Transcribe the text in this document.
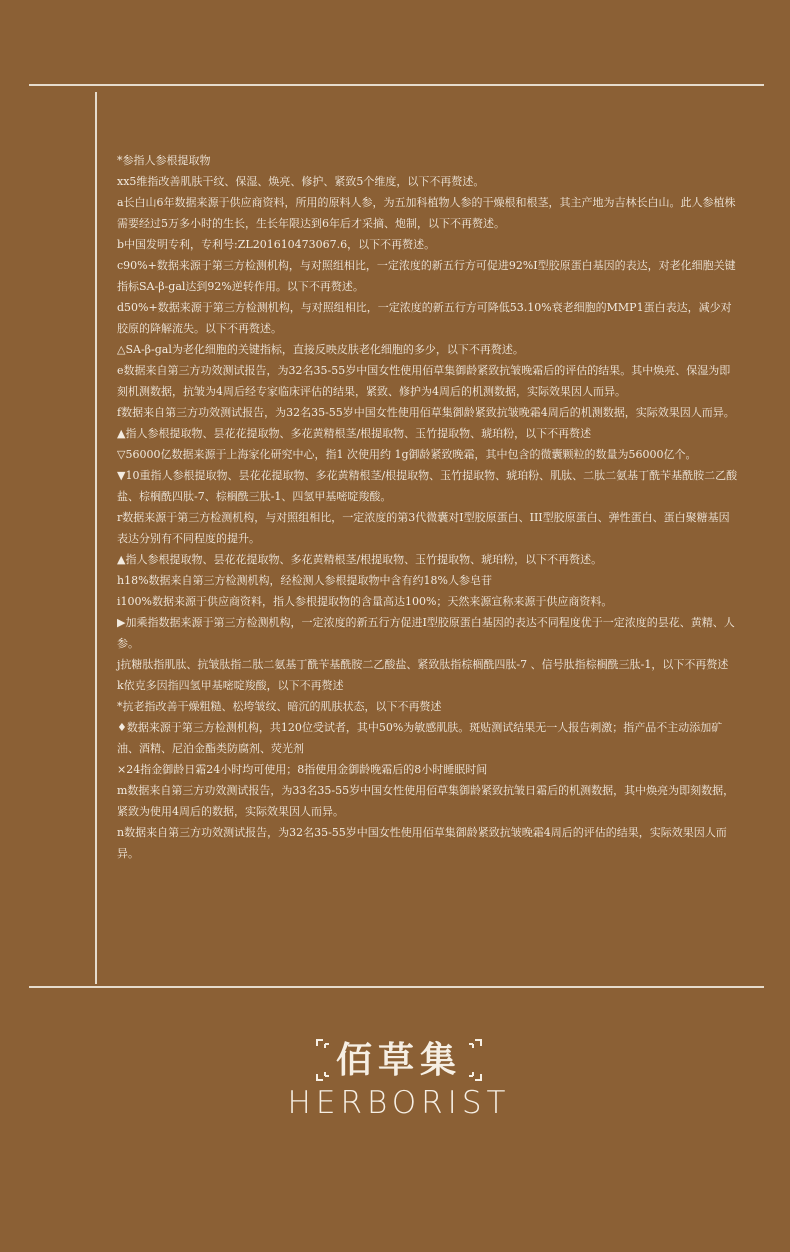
*参指人参根提取物

xx5维指改善肌肤干纹、保湿、焕亮、修护、紧致5个维度，以下不再赘述。

a长白山6年数据来源于供应商资料，所用的原料人参，为五加科植物人参的干燥根和根茎，其主产地为吉林长白山。此人参植株需要经过5万多小时的生长，生长年限达到6年后才采摘、炮制，以下不再赘述。

b中国发明专利，专利号:ZL201610473067.6，以下不再赘述。

c90%+数据来源于第三方检测机构，与对照组相比，一定浓度的新五行方可促进92%I型胶原蛋白基因的表达，对老化细胞关键指标SA-β-gal达到92%逆转作用。以下不再赘述。

d50%+数据来源于第三方检测机构，与对照组相比，一定浓度的新五行方可降低53.10%衰老细胞的MMP1蛋白表达，减少对胶原的降解流失。以下不再赘述。

△SA-β-gal为老化细胞的关键指标，直接反映皮肤老化细胞的多少，以下不再赘述。

e数据来自第三方功效测试报告，为32名35-55岁中国女性使用佰草集御龄紧致抗皱晚霜后的评估的结果。其中焕亮、保湿为即刻机测数据，抗皱为4周后经专家临床评估的结果，紧致、修护为4周后的机测数据，实际效果因人而异。

f数据来自第三方功效测试报告，为32名35-55岁中国女性使用佰草集御龄紧致抗皱晚霜4周后的机测数据，实际效果因人而异。

▲指人参根提取物、昙花花提取物、多花黄精根茎/根提取物、玉竹提取物、琥珀粉，以下不再赘述

▽56000亿数据来源于上海家化研究中心，指1 次使用约 1g御龄紧致晚霜，其中包含的微囊颗粒的数量为56000亿个。

▼10重指人参根提取物、昙花花提取物、多花黄精根茎/根提取物、玉竹提取物、琥珀粉、肌肽、二肽二氨基丁酰苄基酰胺二乙酸盐、棕榈酰四肽-7、棕榈酰三肽-1、四氢甲基嘧啶羧酸。

r数据来源于第三方检测机构，与对照组相比，一定浓度的第3代微囊对I型胶原蛋白、III型胶原蛋白、弹性蛋白、蛋白聚糖基因表达分别有不同程度的提升。

▲指人参根提取物、昙花花提取物、多花黄精根茎/根提取物、玉竹提取物、琥珀粉，以下不再赘述。

h18%数据来自第三方检测机构，经检测人参根提取物中含有约18%人参皂苷

i100%数据来源于供应商资料，指人参根提取物的含量高达100%；天然来源宣称来源于供应商资料。

▶加乘指数据来源于第三方检测机构，一定浓度的新五行方促进I型胶原蛋白基因的表达不同程度优于一定浓度的昙花、黄精、人参。

j抗糖肽指肌肽、抗皱肽指二肽二氨基丁酰苄基酰胺二乙酸盐、紧致肽指棕榈酰四肽-7 、信号肽指棕榈酰三肽-1，以下不再赘述

k依克多因指四氢甲基嘧啶羧酸，以下不再赘述

*抗老指改善干燥粗糙、松垮皱纹、暗沉的肌肤状态，以下不再赘述

♦数据来源于第三方检测机构，共120位受试者，其中50%为敏感肌肤。斑贴测试结果无一人报告刺激；指产品不主动添加矿油、酒精、尼泊金酯类防腐剂、荧光剂

×24指金御龄日霜24小时均可使用；8指使用金御龄晚霜后的8小时睡眠时间

m数据来自第三方功效测试报告，为33名35-55岁中国女性使用佰草集御龄紧致抗皱日霜后的机测数据，其中焕亮为即刻数据，紧致为使用4周后的数据，实际效果因人而异。

n数据来自第三方功效测试报告，为32名35-55岁中国女性使用佰草集御龄紧致抗皱晚霜4周后的评估的结果，实际效果因人而异。

佰草集
HERBORIST
